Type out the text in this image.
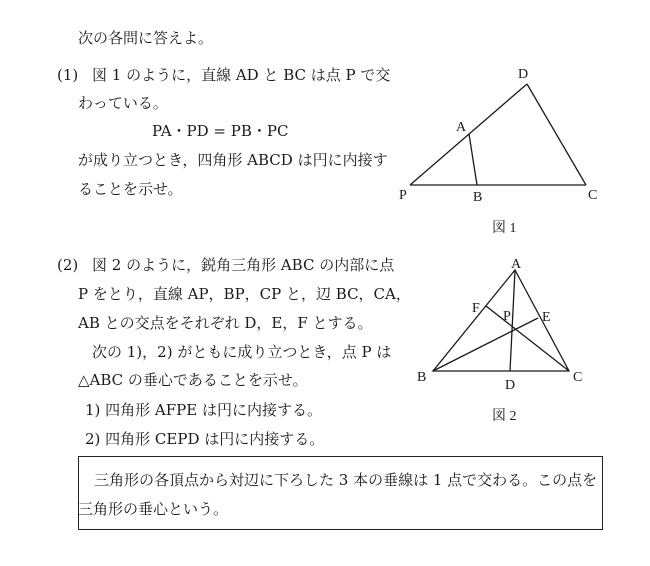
次の各問に答えよ。
(1) 図 1 のように，直線 AD と BC は点 P で交
わっている。
PA・PD = PB・PC
が成り立つとき，四角形 ABCD は円に内接す
ることを示せ。
(2) 図 2 のように，鋭角三角形 ABC の内部に点
P をとり，直線 AP，BP，CP と，辺 BC，CA，
AB との交点をそれぞれ D，E，F とする。
次の 1)，2) がともに成り立つとき，点 P は
△ABC の垂心であることを示せ。
1) 四角形 AFPE は円に内接する。
2) 四角形 CEPD は円に内接する。
D
A
P	B	C
図 1
A
F
P E
B
D
C
図 2
三角形の各頂点から対辺に下ろした 3 本の垂線は 1 点で交わる。この点を
三角形の垂心という。
